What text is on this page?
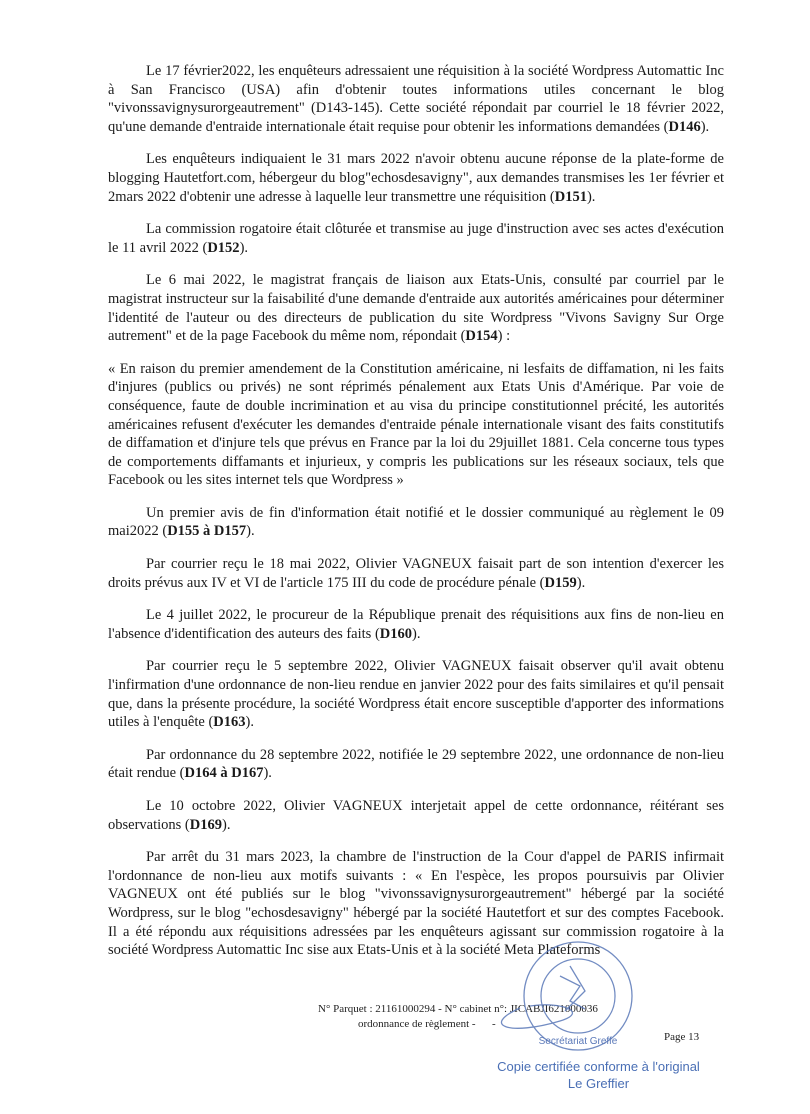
Le 17 février2022, les enquêteurs adressaient une réquisition à la société Wordpress Automattic Inc à San Francisco (USA) afin d'obtenir toutes informations utiles concernant le blog "vivonssavignysurorgeautrement" (D143-145). Cette société répondait par courriel le 18 février 2022, qu'une demande d'entraide internationale était requise pour obtenir les informations demandées (D146).

Les enquêteurs indiquaient le 31 mars 2022 n'avoir obtenu aucune réponse de la plate-forme de blogging Hautetfort.com, hébergeur du blog"echosdesavigny", aux demandes transmises les 1er février et 2mars 2022 d'obtenir une adresse à laquelle leur transmettre une réquisition (D151).

La commission rogatoire était clôturée et transmise au juge d'instruction avec ses actes d'exécution le 11 avril 2022 (D152).

Le 6 mai 2022, le magistrat français de liaison aux Etats-Unis, consulté par courriel par le magistrat instructeur sur la faisabilité d'une demande d'entraide aux autorités américaines pour déterminer l'identité de l'auteur ou des directeurs de publication du site Wordpress "Vivons Savigny Sur Orge autrement" et de la page Facebook du même nom, répondait (D154) :

« En raison du premier amendement de la Constitution américaine, ni lesfaits de diffamation, ni les faits d'injures (publics ou privés) ne sont réprimés pénalement aux Etats Unis d'Amérique. Par voie de conséquence, faute de double incrimination et au visa du principe constitutionnel précité, les autorités américaines refusent d'exécuter les demandes d'entraide pénale internationale visant des faits constitutifs de diffamation et d'injure tels que prévus en France par la loi du 29juillet 1881. Cela concerne tous types de comportements diffamants et injurieux, y compris les publications sur les réseaux sociaux, tels que Facebook ou les sites internet tels que Wordpress »

Un premier avis de fin d'information était notifié et le dossier communiqué au règlement le 09 mai2022 (D155 à D157).

Par courrier reçu le 18 mai 2022, Olivier VAGNEUX faisait part de son intention d'exercer les droits prévus aux IV et VI de l'article 175 III du code de procédure pénale (D159).

Le 4 juillet 2022, le procureur de la République prenait des réquisitions aux fins de non-lieu en l'absence d'identification des auteurs des faits (D160).

Par courrier reçu le 5 septembre 2022, Olivier VAGNEUX faisait observer qu'il avait obtenu l'infirmation d'une ordonnance de non-lieu rendue en janvier 2022 pour des faits similaires et qu'il pensait que, dans la présente procédure, la société Wordpress était encore susceptible d'apporter des informations utiles à l'enquête (D163).

Par ordonnance du 28 septembre 2022, notifiée le 29 septembre 2022, une ordonnance de non-lieu était rendue (D164 à D167).

Le 10 octobre 2022, Olivier VAGNEUX interjetait appel de cette ordonnance, réitérant ses observations (D169).

Par arrêt du 31 mars 2023, la chambre de l'instruction de la Cour d'appel de PARIS infirmait l'ordonnance de non-lieu aux motifs suivants : « En l'espèce, les propos poursuivis par Olivier VAGNEUX ont été publiés sur le blog "vivonssavignysurorgeautrement" hébergé par la société Wordpress, sur le blog "echosdesavigny" hébergé par la société Hautetfort et sur des comptes Facebook. Il a été répondu aux réquisitions adressées par les enquêteurs agissant sur commission rogatoire à la société Wordpress Automattic Inc sise aux Etats-Unis et à la société Meta Plateforms

N° Parquet : 21161000294 - N° cabinet n°: JICABJI621000036
ordonnance de règlement - -
Secrétariat Greffe	Page 13
Copie certifiée conforme à l'original
Le Greffier
